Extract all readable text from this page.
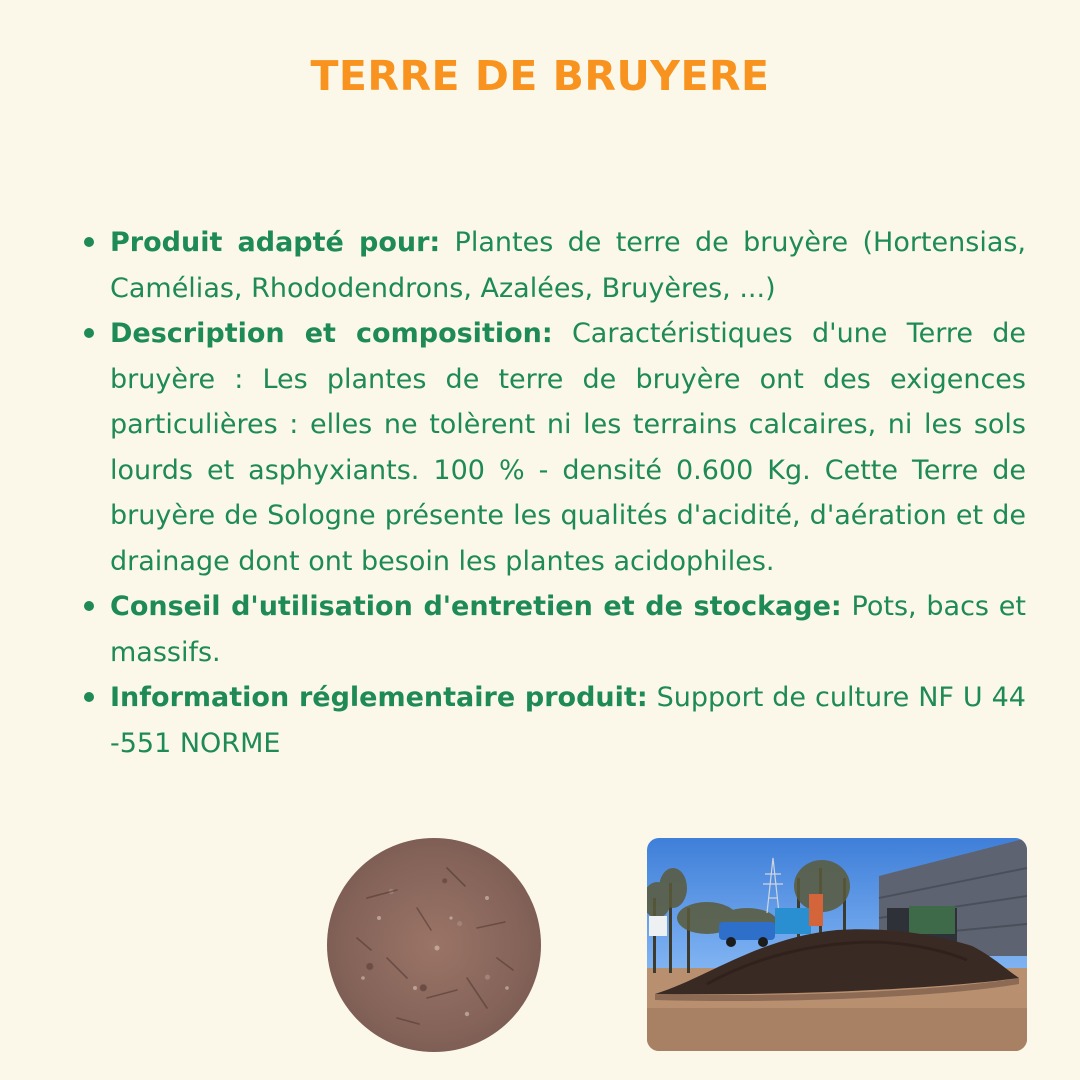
TERRE DE BRUYERE
Produit adapté pour: Plantes de terre de bruyère (Hortensias, Camélias, Rhododendrons, Azalées, Bruyères, ...)
Description et composition: Caractéristiques d'une Terre de bruyère : Les plantes de terre de bruyère ont des exigences particulières : elles ne tolèrent ni les terrains calcaires, ni les sols lourds et asphyxiants. 100 % - densité 0.600 Kg. Cette Terre de bruyère de Sologne présente les qualités d'acidité, d'aération et de drainage dont ont besoin les plantes acidophiles.
Conseil d'utilisation d'entretien et de stockage: Pots, bacs et massifs.
Information réglementaire produit: Support de culture NF U 44 -551 NORME
